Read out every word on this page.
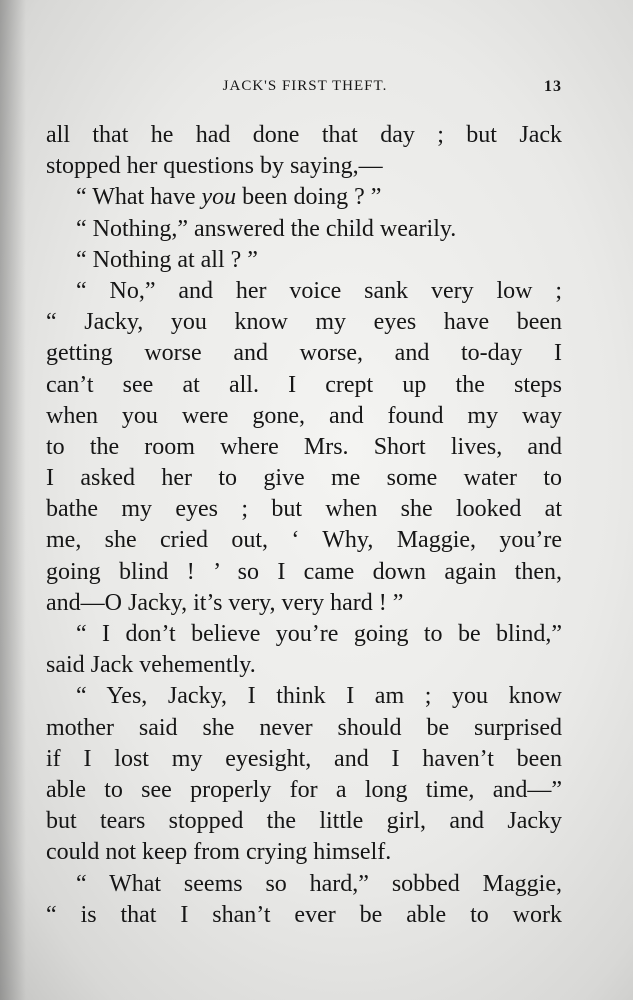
JACK'S FIRST THEFT.	13
all that he had done that day ; but Jack
stopped her questions by saying,—
“ What have you been doing ? ”
“ Nothing,” answered the child wearily.
“ Nothing at all ? ”
“ No,” and her voice sank very low ;
“ Jacky, you know my eyes have been
getting worse and worse, and to-day I
can’t see at all. I crept up the steps
when you were gone, and found my way
to the room where Mrs. Short lives, and
I asked her to give me some water to
bathe my eyes ; but when she looked at
me, she cried out, ‘ Why, Maggie, you’re
going blind ! ’ so I came down again then,
and—O Jacky, it’s very, very hard ! ”
“ I don’t believe you’re going to be blind,”
said Jack vehemently.
“ Yes, Jacky, I think I am ; you know
mother said she never should be surprised
if I lost my eyesight, and I haven’t been
able to see properly for a long time, and—”
but tears stopped the little girl, and Jacky
could not keep from crying himself.
“ What seems so hard,” sobbed Maggie,
“ is that I shan’t ever be able to work
